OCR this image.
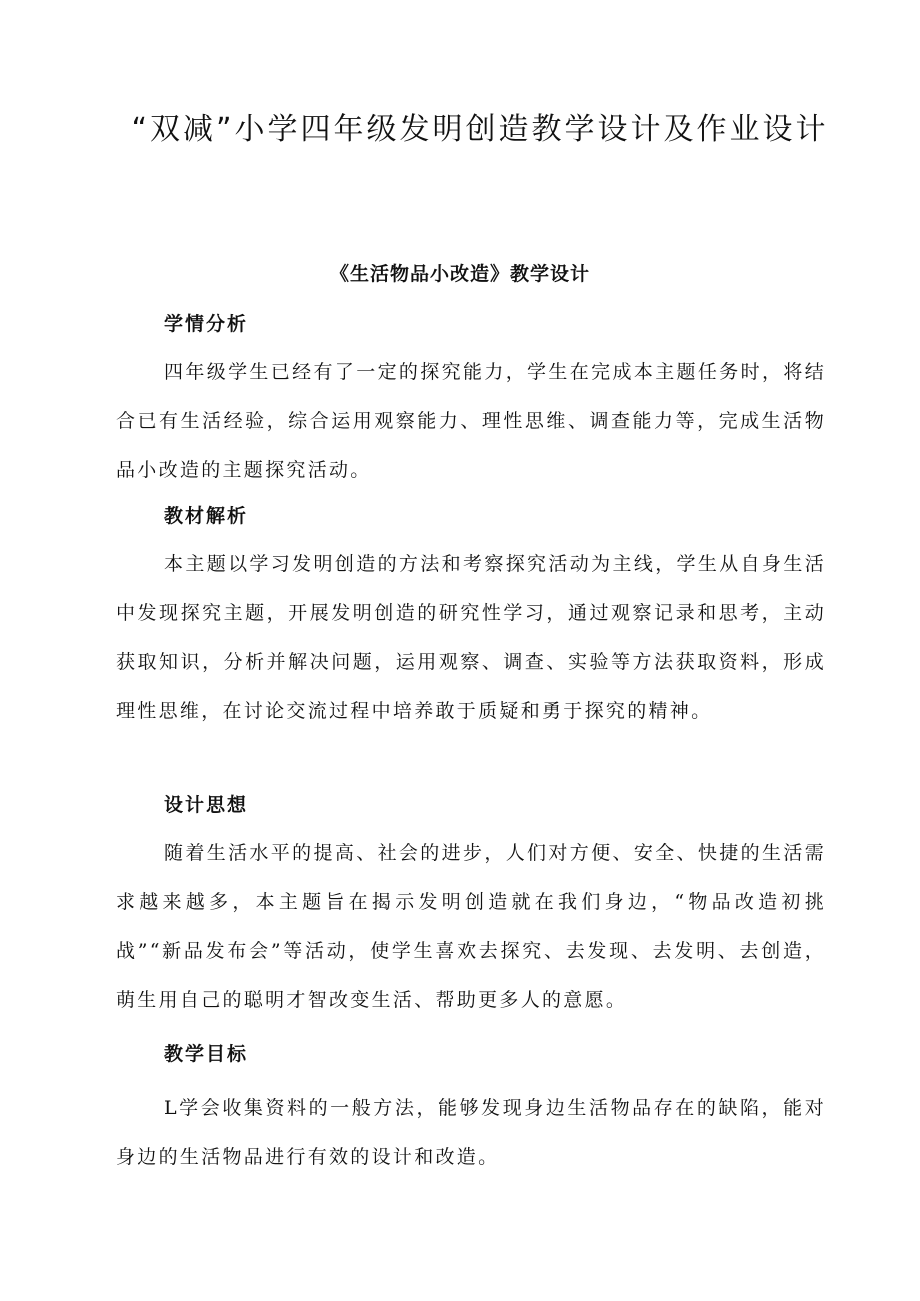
“双减”小学四年级发明创造教学设计及作业设计
《生活物品小改造》教学设计
学情分析

四年级学生已经有了一定的探究能力，学生在完成本主题任务时，将结合已有生活经验，综合运用观察能力、理性思维、调查能力等，完成生活物品小改造的主题探究活动。

教材解析

本主题以学习发明创造的方法和考察探究活动为主线，学生从自身生活中发现探究主题，开展发明创造的研究性学习，通过观察记录和思考，主动获取知识，分析并解决问题，运用观察、调查、实验等方法获取资料，形成理性思维，在讨论交流过程中培养敢于质疑和勇于探究的精神。

设计思想

随着生活水平的提高、社会的进步，人们对方便、安全、快捷的生活需求越来越多，本主题旨在揭示发明创造就在我们身边，“物品改造初挑战”“新品发布会”等活动，使学生喜欢去探究、去发现、去发明、去创造，萌生用自己的聪明才智改变生活、帮助更多人的意愿。

教学目标

L学会收集资料的一般方法，能够发现身边生活物品存在的缺陷，能对身边的生活物品进行有效的设计和改造。
